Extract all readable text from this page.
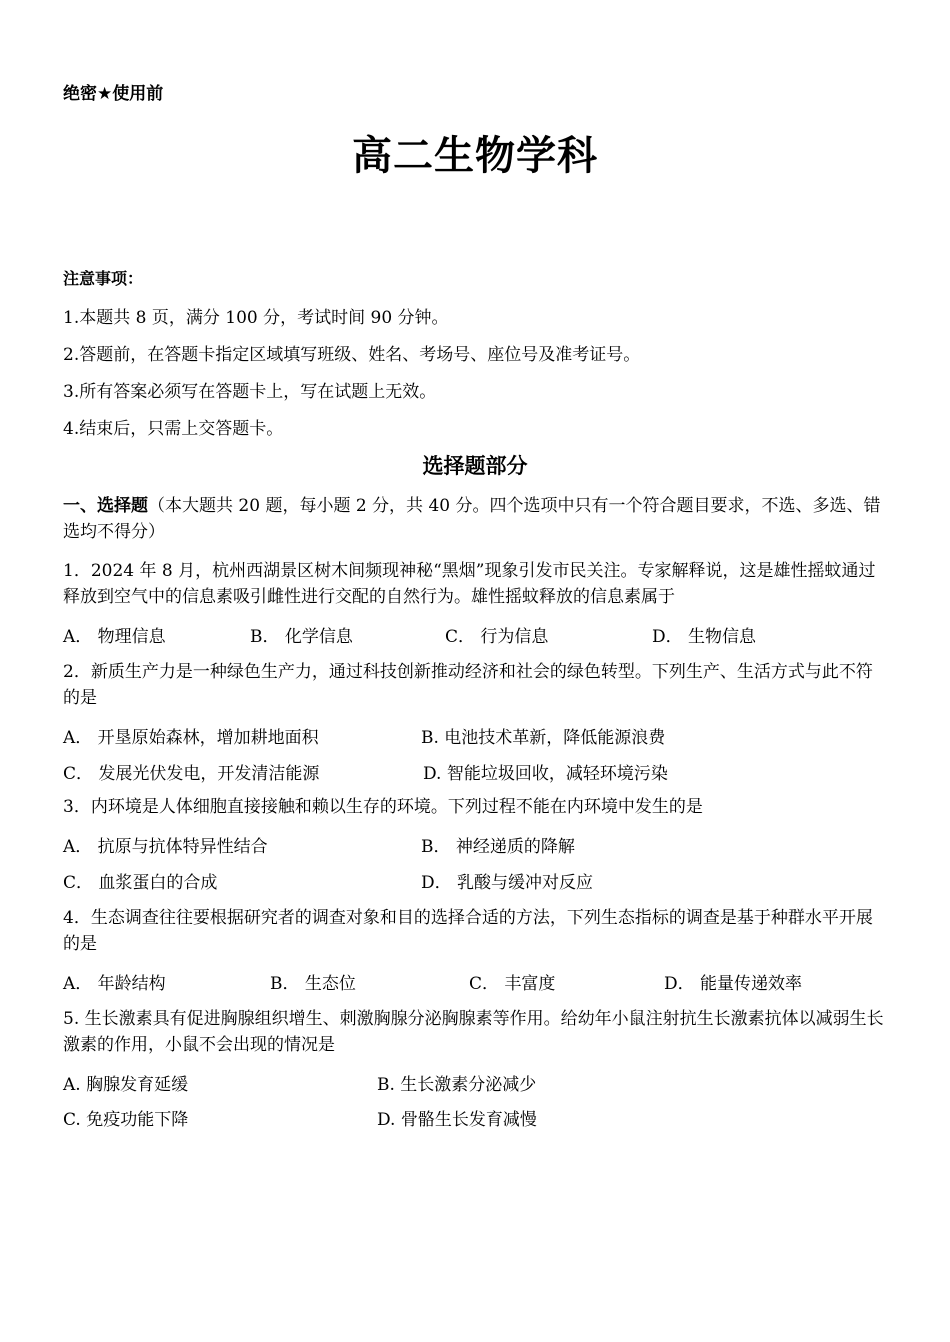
绝密★使用前
高二生物学科
注意事项：
1.本题共 8 页，满分 100 分，考试时间 90 分钟。
2.答题前，在答题卡指定区域填写班级、姓名、考场号、座位号及准考证号。
3.所有答案必须写在答题卡上，写在试题上无效。
4.结束后，只需上交答题卡。
选择题部分
一、选择题（本大题共 20 题，每小题 2 分，共 40 分。四个选项中只有一个符合题目要求，不选、多选、错选均不得分）
1．2024 年 8 月，杭州西湖景区树木间频现神秘“黑烟”现象引发市民关注。专家解释说，这是雄性摇蚊通过释放到空气中的信息素吸引雌性进行交配的自然行为。雄性摇蚊释放的信息素属于
A． 物理信息	B． 化学信息	C． 行为信息	D． 生物信息
2．新质生产力是一种绿色生产力，通过科技创新推动经济和社会的绿色转型。下列生产、生活方式与此不符的是
A． 开垦原始森林，增加耕地面积	B. 电池技术革新，降低能源浪费
C． 发展光伏发电，开发清洁能源	D. 智能垃圾回收，减轻环境污染
3．内环境是人体细胞直接接触和赖以生存的环境。下列过程不能在内环境中发生的是
A． 抗原与抗体特异性结合	B． 神经递质的降解
C． 血浆蛋白的合成	D． 乳酸与缓冲对反应
4．生态调查往往要根据研究者的调查对象和目的选择合适的方法，下列生态指标的调查是基于种群水平开展的是
A． 年龄结构	B． 生态位	C． 丰富度	D． 能量传递效率
5. 生长激素具有促进胸腺组织增生、刺激胸腺分泌胸腺素等作用。给幼年小鼠注射抗生长激素抗体以减弱生长激素的作用，小鼠不会出现的情况是
A. 胸腺发育延缓	B. 生长激素分泌减少
C. 免疫功能下降	D. 骨骼生长发育减慢
